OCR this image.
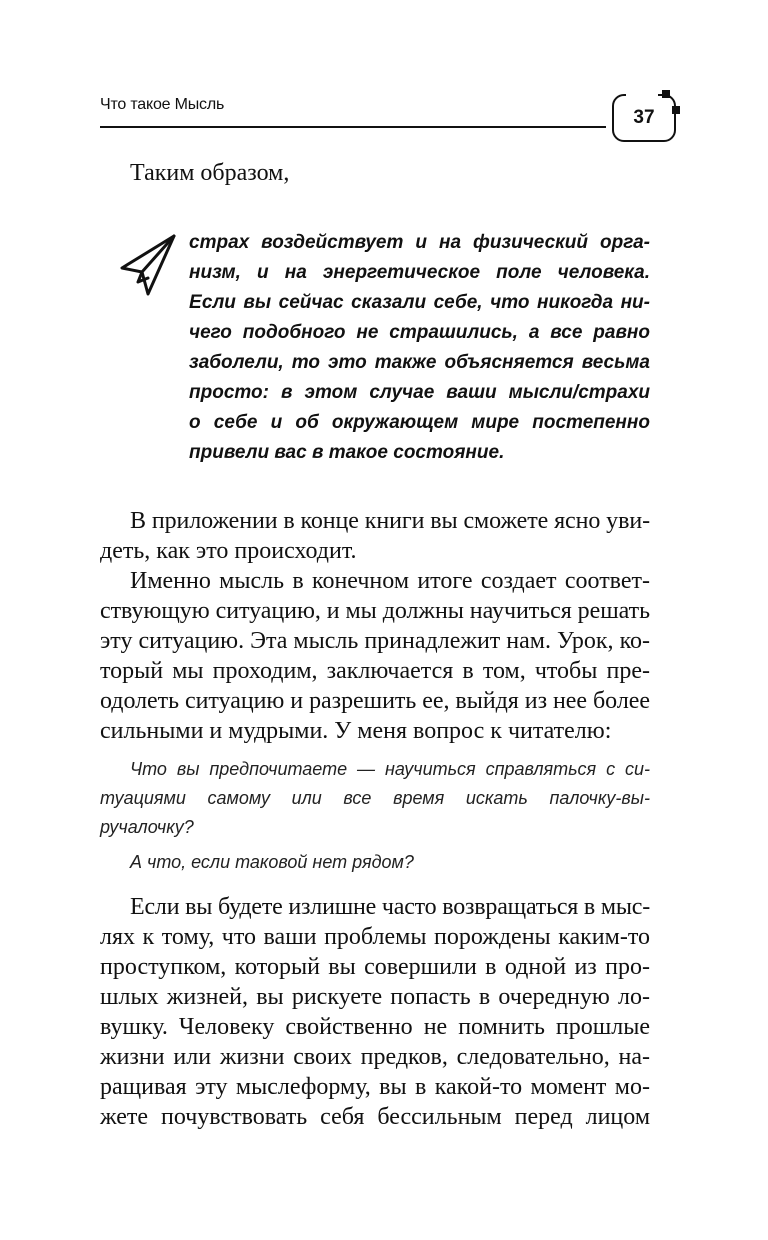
Что такое Мысль
37
Таким образом,
страх воздействует и на физический орга-
низм, и на энергетическое поле человека.
Если вы сейчас сказали себе, что никогда ни-
чего подобного не страшились, а все равно
заболели, то это также объясняется весьма
просто: в этом случае ваши мысли/страхи
о себе и об окружающем мире постепенно
привели вас в такое состояние.
В приложении в конце книги вы сможете ясно уви-
деть, как это происходит.
Именно мысль в конечном итоге создает соответ-
ствующую ситуацию, и мы должны научиться решать
эту ситуацию. Эта мысль принадлежит нам. Урок, ко-
торый мы проходим, заключается в том, чтобы пре-
одолеть ситуацию и разрешить ее, выйдя из нее более
сильными и мудрыми. У меня вопрос к читателю:
Что вы предпочитаете — научиться справляться с си-
туациями самому или все время искать палочку-вы-
ручалочку?
А что, если таковой нет рядом?
Если вы будете излишне часто возвращаться в мыс-
лях к тому, что ваши проблемы порождены каким-то
проступком, который вы совершили в одной из про-
шлых жизней, вы рискуете попасть в очередную ло-
вушку. Человеку свойственно не помнить прошлые
жизни или жизни своих предков, следовательно, на-
ращивая эту мыслеформу, вы в какой-то момент мо-
жете почувствовать себя бессильным перед лицом
